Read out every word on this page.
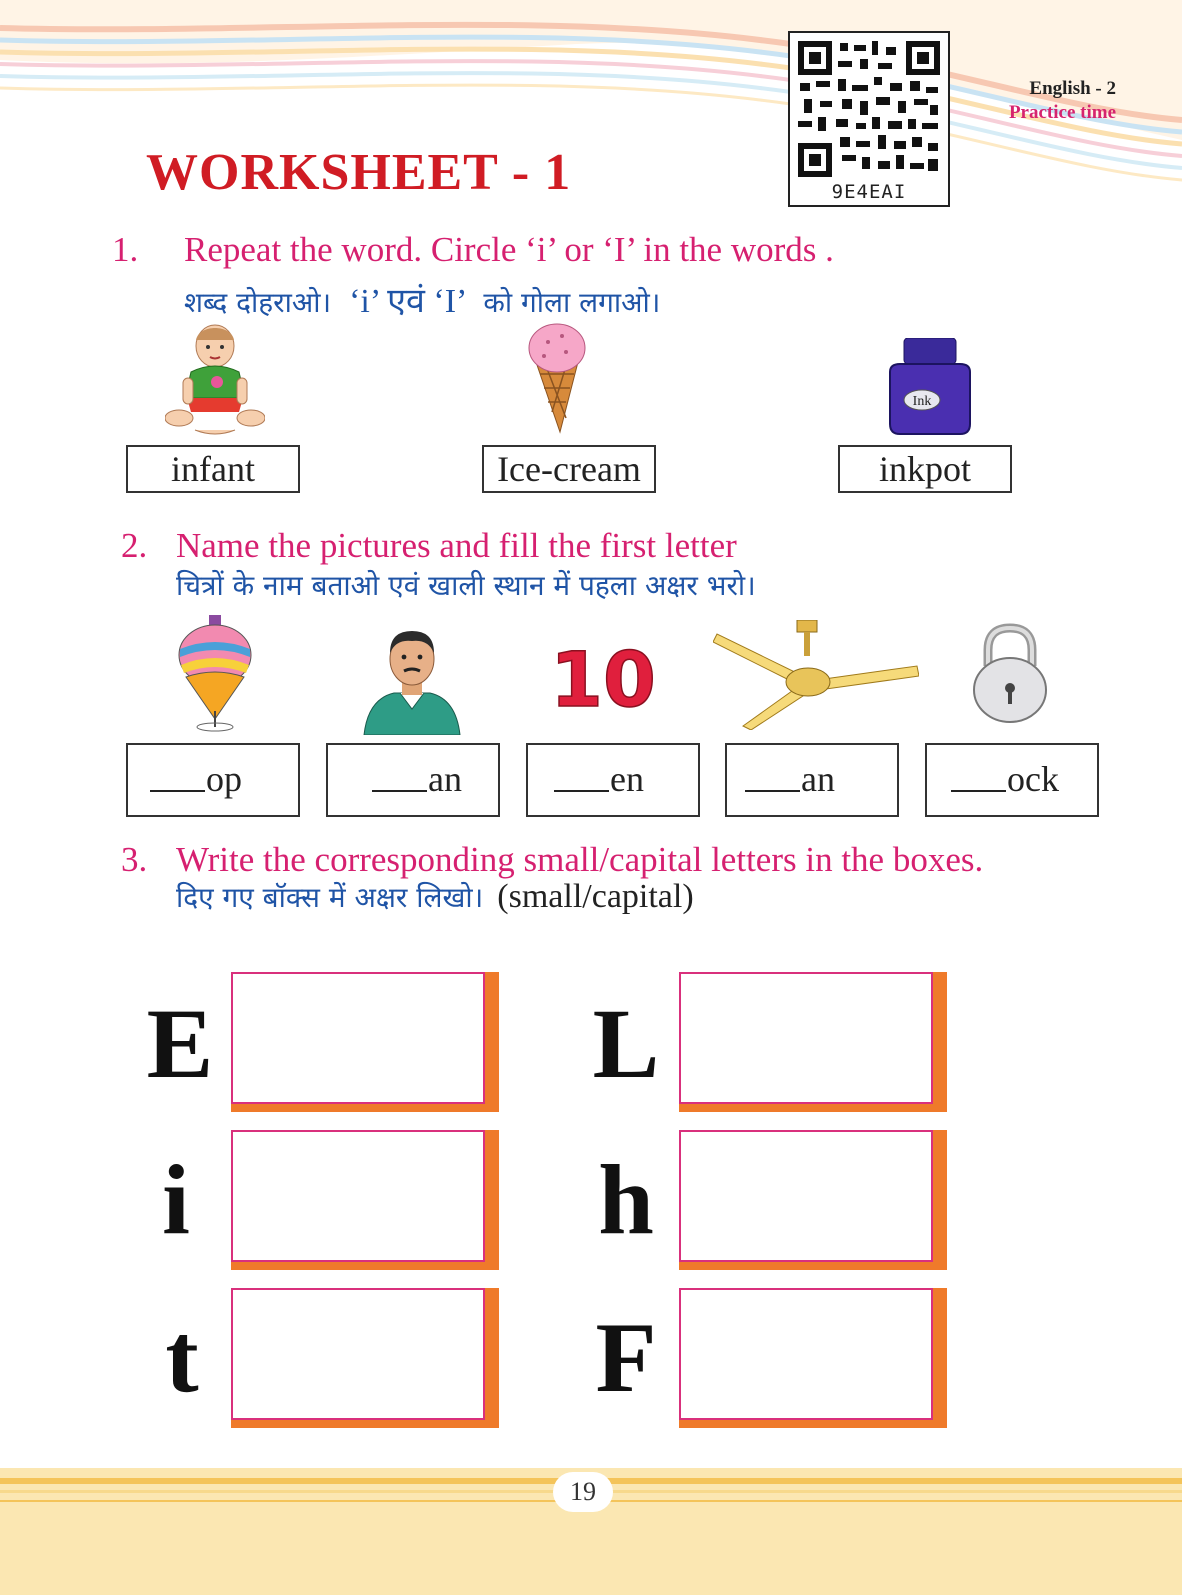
9E4EAI
English - 2
Practice time
WORKSHEET - 1
1. Repeat the word. Circle ‘i’ or ‘I’ in the words .
शब्द दोहराओ। ‘i’ एवं ‘I’ को गोला लगाओ।
Ink
infant	Ice-cream	inkpot
2. Name the pictures and fill the first letter
चित्रों के नाम बताओ एवं खाली स्थान में पहला अक्षर भरो।
10
op	an	en	an	ock
3. Write the corresponding small/capital letters in the boxes.
दिए गए बॉक्स में अक्षर लिखो। (small/capital)
E
i
t
L
h
F
19
